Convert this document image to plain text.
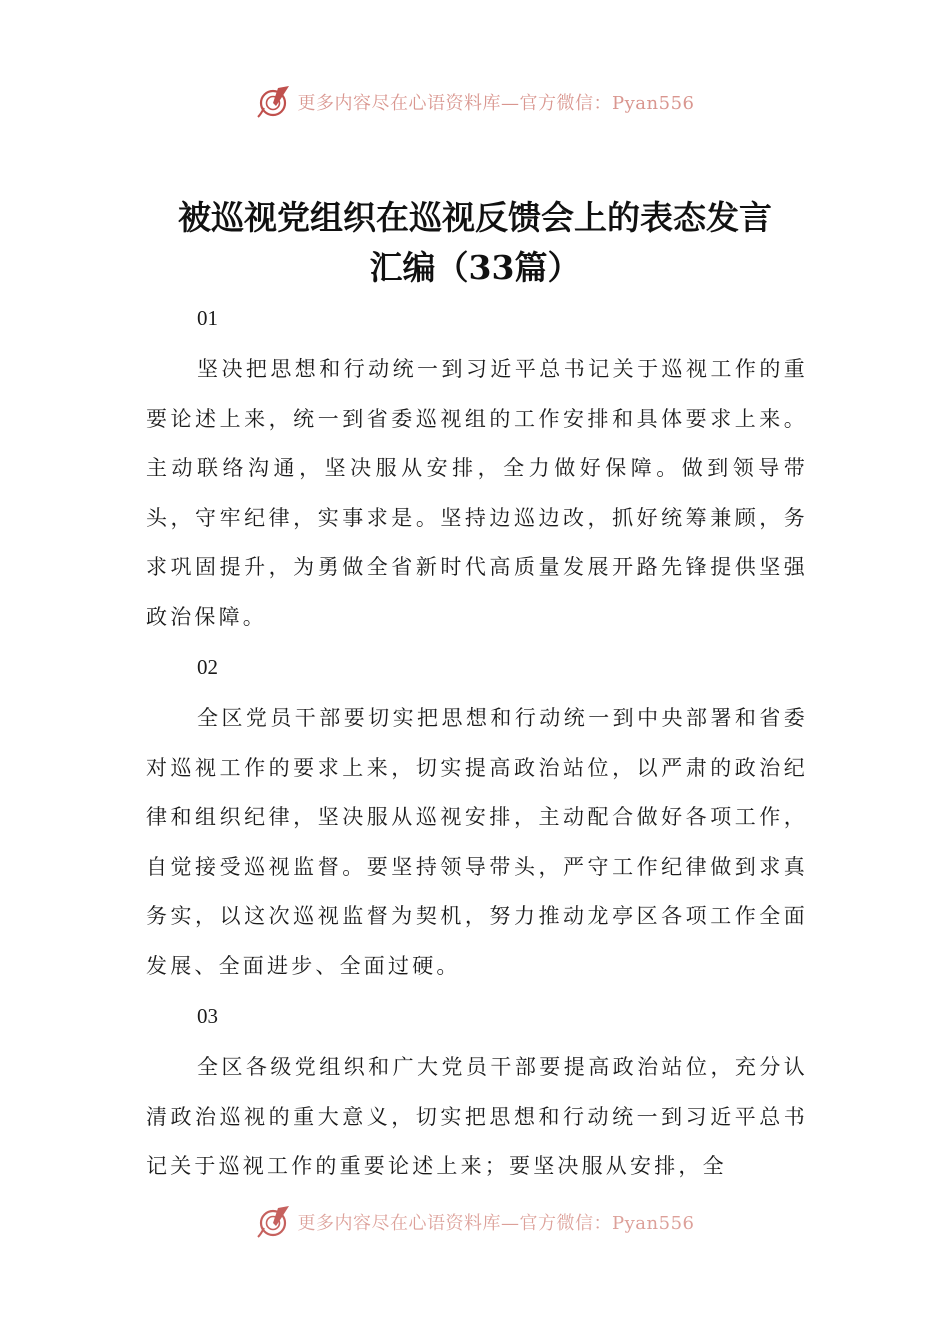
更多内容尽在心语资料库—官方微信：Pyan556
被巡视党组织在巡视反馈会上的表态发言
汇编（33篇）
01

坚决把思想和行动统一到习近平总书记关于巡视工作的重要论述上来，统一到省委巡视组的工作安排和具体要求上来。主动联络沟通，坚决服从安排，全力做好保障。做到领导带头，守牢纪律，实事求是。坚持边巡边改，抓好统筹兼顾，务求巩固提升，为勇做全省新时代高质量发展开路先锋提供坚强政治保障。

02

全区党员干部要切实把思想和行动统一到中央部署和省委对巡视工作的要求上来，切实提高政治站位，以严肃的政治纪律和组织纪律，坚决服从巡视安排，主动配合做好各项工作，自觉接受巡视监督。要坚持领导带头，严守工作纪律做到求真务实，以这次巡视监督为契机，努力推动龙亭区各项工作全面发展、全面进步、全面过硬。

03

全区各级党组织和广大党员干部要提高政治站位，充分认清政治巡视的重大意义，切实把思想和行动统一到习近平总书记关于巡视工作的重要论述上来；要坚决服从安排，全

更多内容尽在心语资料库—官方微信：Pyan556
